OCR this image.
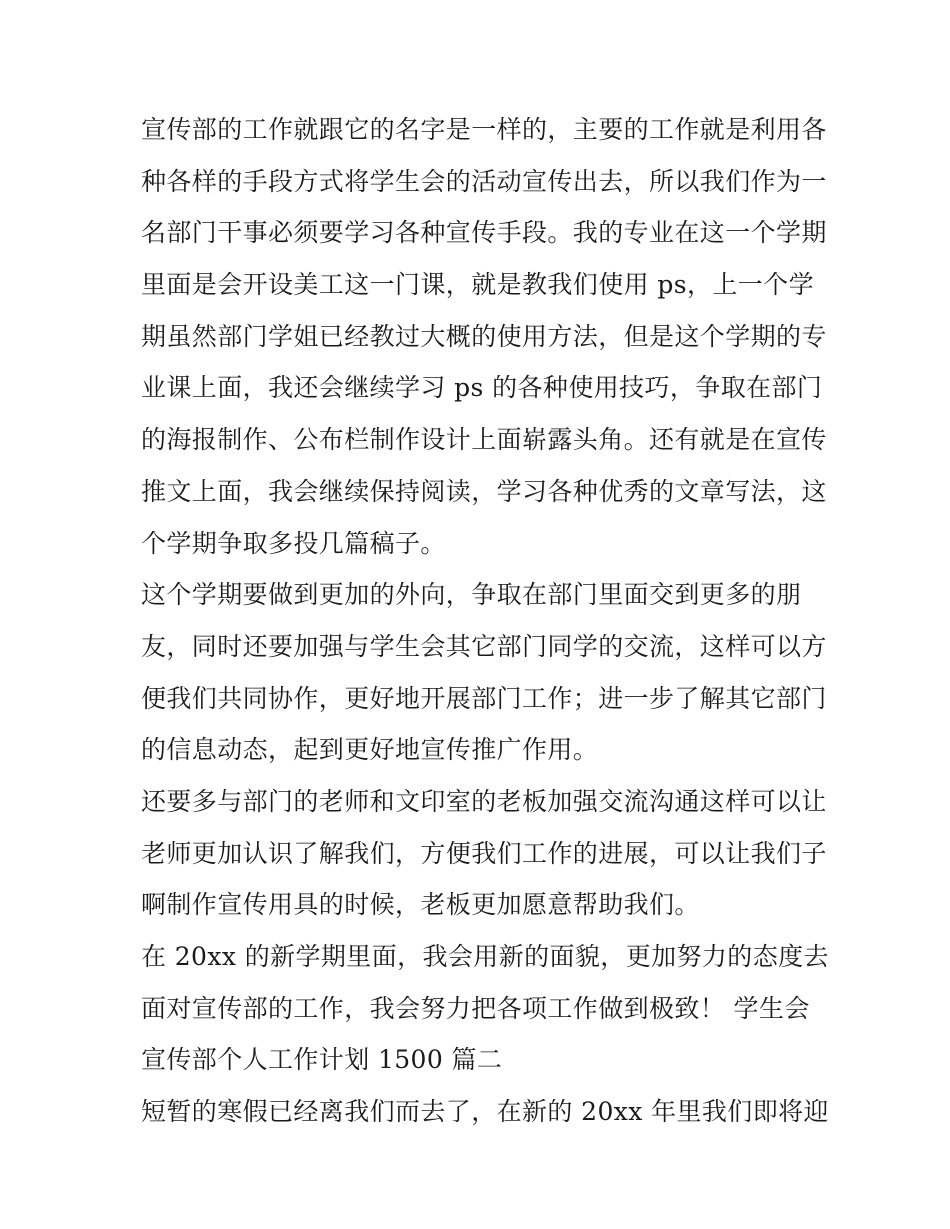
宣传部的工作就跟它的名字是一样的，主要的工作就是利用各
种各样的手段方式将学生会的活动宣传出去，所以我们作为一
名部门干事必须要学习各种宣传手段。我的专业在这一个学期
里面是会开设美工这一门课，就是教我们使用 ps，上一个学
期虽然部门学姐已经教过大概的使用方法，但是这个学期的专
业课上面，我还会继续学习 ps 的各种使用技巧，争取在部门
的海报制作、公布栏制作设计上面崭露头角。还有就是在宣传
推文上面，我会继续保持阅读，学习各种优秀的文章写法，这
个学期争取多投几篇稿子。
这个学期要做到更加的外向，争取在部门里面交到更多的朋
友，同时还要加强与学生会其它部门同学的交流，这样可以方
便我们共同协作，更好地开展部门工作；进一步了解其它部门
的信息动态，起到更好地宣传推广作用。
还要多与部门的老师和文印室的老板加强交流沟通这样可以让
老师更加认识了解我们，方便我们工作的进展，可以让我们子
啊制作宣传用具的时候，老板更加愿意帮助我们。
在 20xx 的新学期里面，我会用新的面貌，更加努力的态度去
面对宣传部的工作，我会努力把各项工作做到极致！ 学生会
宣传部个人工作计划 1500 篇二
短暂的寒假已经离我们而去了，在新的 20xx 年里我们即将迎
